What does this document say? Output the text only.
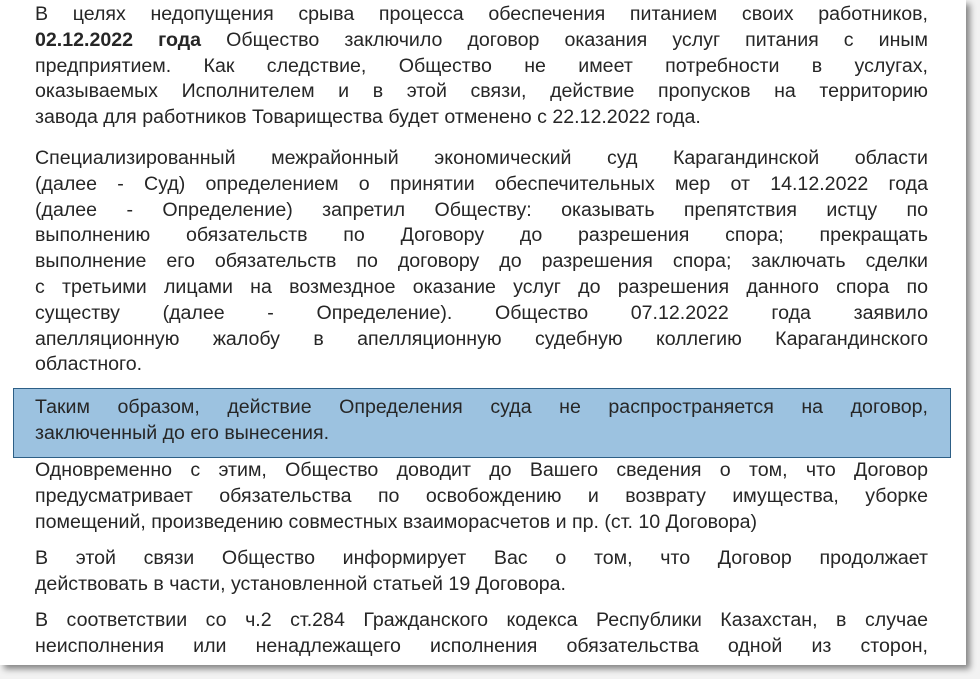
В целях недопущения срыва процесса обеспечения питанием своих работников,
02.12.2022 года Общество заключило договор оказания услуг питания с иным
предприятием. Как следствие, Общество не имеет потребности в услугах,
оказываемых Исполнителем и в этой связи, действие пропусков на территорию
завода для работников Товарищества будет отменено с 22.12.2022 года.
Специализированный межрайонный экономический суд Карагандинской области
(далее - Суд) определением о принятии обеспечительных мер от 14.12.2022 года
(далее - Определение) запретил Обществу: оказывать препятствия истцу по
выполнению обязательств по Договору до разрешения спора; прекращать
выполнение его обязательств по договору до разрешения спора; заключать сделки
с третьими лицами на возмездное оказание услуг до разрешения данного спора по
существу (далее - Определение). Общество 07.12.2022 года заявило
апелляционную жалобу в апелляционную судебную коллегию Карагандинского
областного.
Таким образом, действие Определения суда не распространяется на договор,
заключенный до его вынесения.
Одновременно с этим, Общество доводит до Вашего сведения о том, что Договор
предусматривает обязательства по освобождению и возврату имущества, уборке
помещений, произведению совместных взаиморасчетов и пр. (ст. 10 Договора)
В этой связи Общество информирует Вас о том, что Договор продолжает
действовать в части, установленной статьей 19 Договора.
В соответствии со ч.2 ст.284 Гражданского кодекса Республики Казахстан, в случае
неисполнения или ненадлежащего исполнения обязательства одной из сторон,
